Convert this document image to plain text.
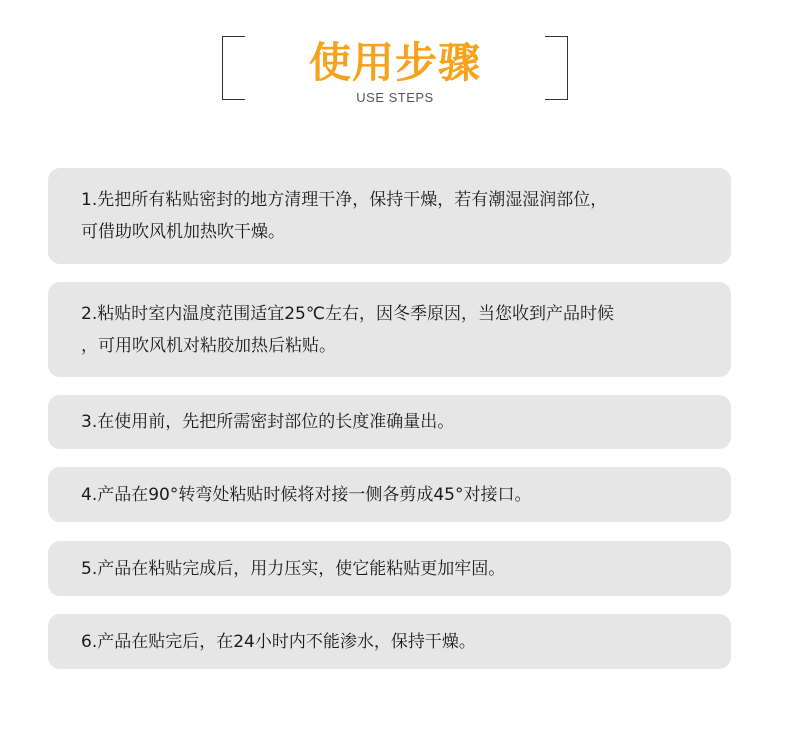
使用步骤
USE STEPS
1.先把所有粘贴密封的地方清理干净，保持干燥，若有潮湿湿润部位，
可借助吹风机加热吹干燥。
2.粘贴时室内温度范围适宜25℃左右，因冬季原因，当您收到产品时候
，可用吹风机对粘胶加热后粘贴。
3.在使用前，先把所需密封部位的长度准确量出。
4.产品在90°转弯处粘贴时候将对接一侧各剪成45°对接口。
5.产品在粘贴完成后，用力压实，使它能粘贴更加牢固。
6.产品在贴完后，在24小时内不能渗水，保持干燥。
